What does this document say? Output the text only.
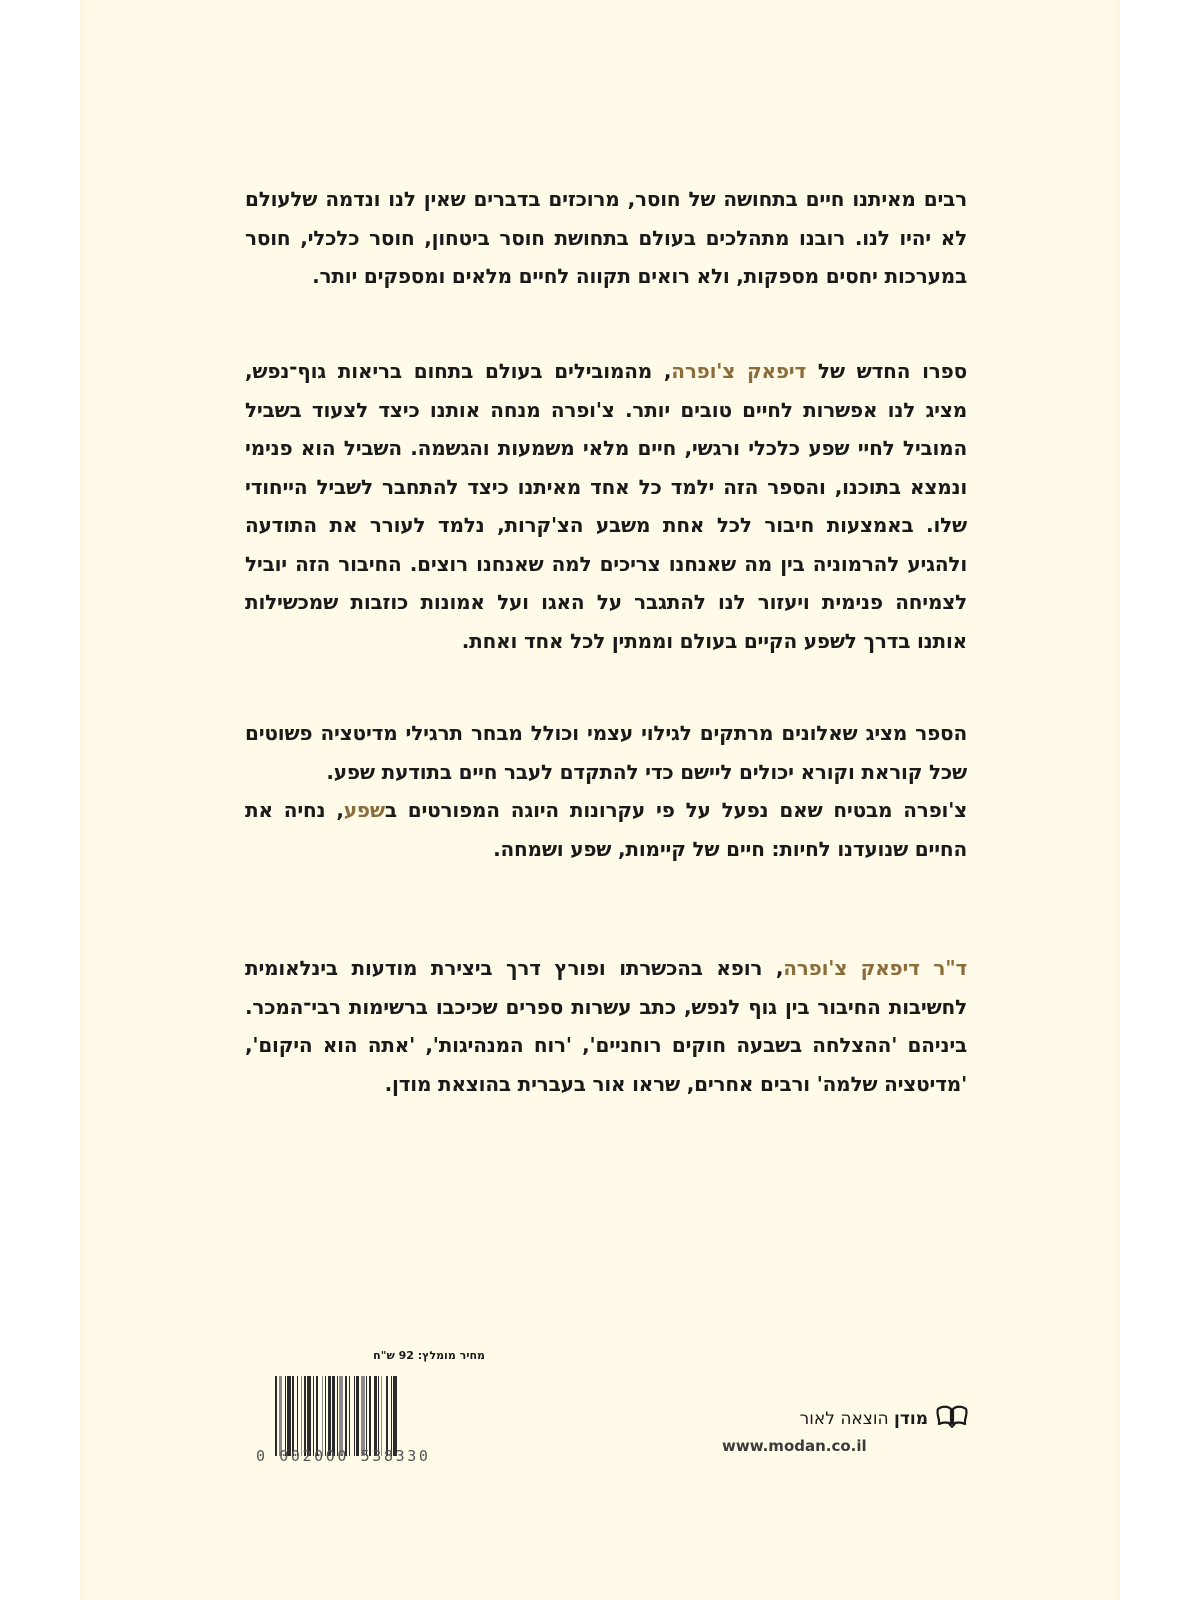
רבים מאיתנו חיים בתחושה של חוסר, מרוכזים בדברים שאין לנו ונדמה שלעולם לא יהיו לנו. רובנו מתהלכים בעולם בתחושת חוסר ביטחון, חוסר כלכלי, חוסר במערכות יחסים מספקות, ולא רואים תקווה לחיים מלאים ומספקים יותר.

ספרו החדש של דיפאק צ'ופרה, מהמובילים בעולם בתחום בריאות גוף־נפש, מציג לנו אפשרות לחיים טובים יותר. צ'ופרה מנחה אותנו כיצד לצעוד בשביל המוביל לחיי שפע כלכלי ורגשי, חיים מלאי משמעות והגשמה. השביל הוא פנימי ונמצא בתוכנו, והספר הזה ילמד כל אחד מאיתנו כיצד להתחבר לשביל הייחודי שלו. באמצעות חיבור לכל אחת משבע הצ'קרות, נלמד לעורר את התודעה ולהגיע להרמוניה בין מה שאנחנו צריכים למה שאנחנו רוצים. החיבור הזה יוביל לצמיחה פנימית ויעזור לנו להתגבר על האגו ועל אמונות כוזבות שמכשילות אותנו בדרך לשפע הקיים בעולם וממתין לכל אחד ואחת.

הספר מציג שאלונים מרתקים לגילוי עצמי וכולל מבחר תרגילי מדיטציה פשוטים שכל קוראת וקורא יכולים ליישם כדי להתקדם לעבר חיים בתודעת שפע.
צ'ופרה מבטיח שאם נפעל על פי עקרונות היוגה המפורטים בשפע, נחיה את החיים שנועדנו לחיות: חיים של קיימות, שפע ושמחה.

ד"ר דיפאק צ'ופרה, רופא בהכשרתו ופורץ דרך ביצירת מודעות בינלאומית לחשיבות החיבור בין גוף לנפש, כתב עשרות ספרים שכיכבו ברשימות רבי־המכר. ביניהם 'ההצלחה בשבעה חוקים רוחניים', 'רוח המנהיגות', 'אתה הוא היקום', 'מדיטציה שלמה' ורבים אחרים, שראו אור בעברית בהוצאת מודן.

מחיר מומלץ: 92 ש"ח
0 002000 538330
מודן הוצאה לאור
www.modan.co.il
